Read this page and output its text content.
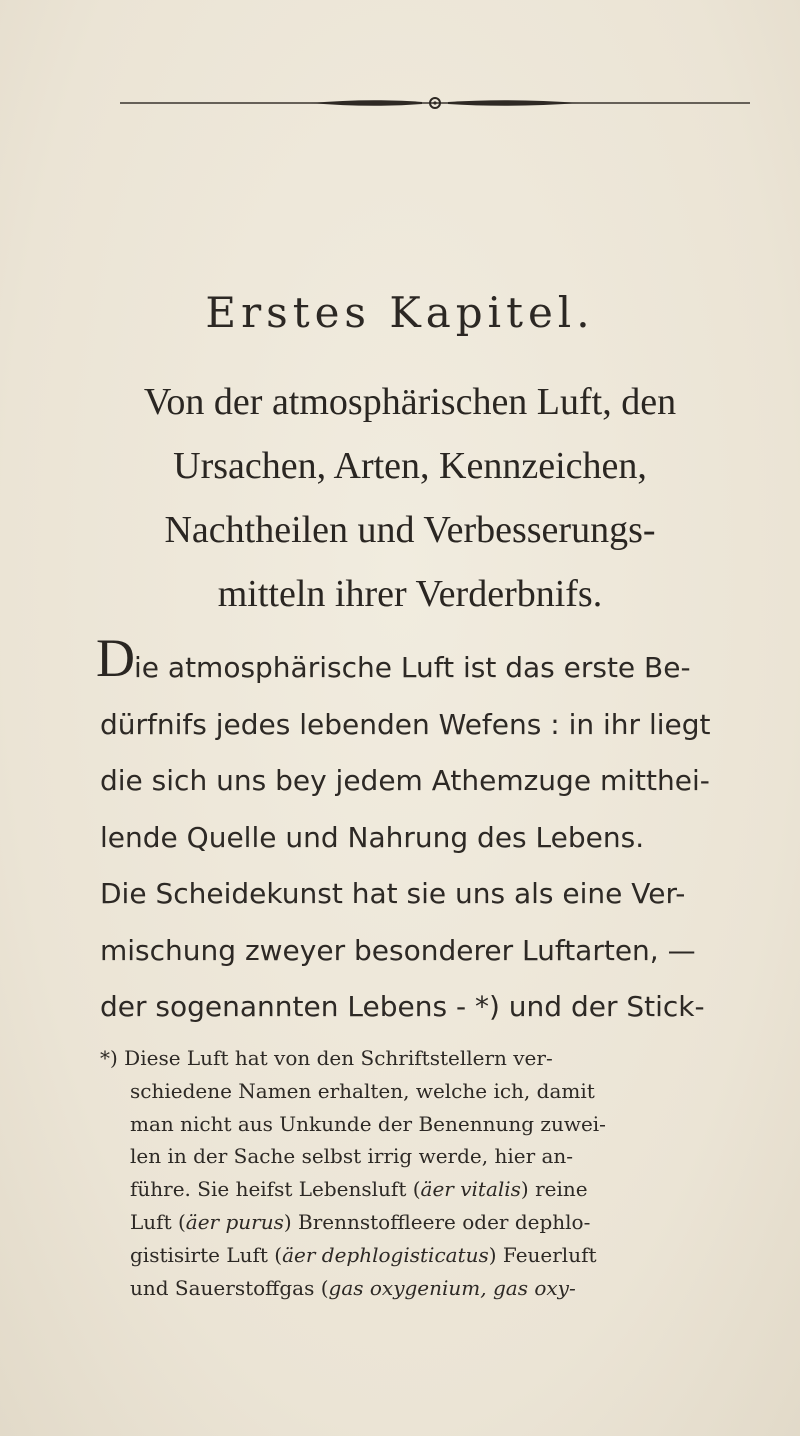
Erstes Kapitel.
Von der atmosphärischen Luft, den
Ursachen, Arten, Kennzeichen,
Nachtheilen und Verbesserungs-
mitteln ihrer Verderbnifs.
D ie atmosphärische Luft ist das erste Be-
dürfnifs jedes lebenden Wefens : in ihr liegt
die sich uns bey jedem Athemzuge mitthei-
lende Quelle und Nahrung des Lebens.
Die Scheidekunst hat sie uns als eine Ver-
mischung zweyer besonderer Luftarten, —
der sogenannten Lebens - *) und der Stick-
*) Diese Luft hat von den Schriftstellern ver-
schiedene Namen erhalten, welche ich, damit
man nicht aus Unkunde der Benennung zuwei-
len in der Sache selbst irrig werde, hier an-
führe. Sie heifst Lebensluft (äer vitalis) reine
Luft (äer purus) Brennstoffleere oder dephlo-
gistisirte Luft (äer dephlogisticatus) Feuerluft
und Sauerstoffgas (gas oxygenium, gas oxy-
